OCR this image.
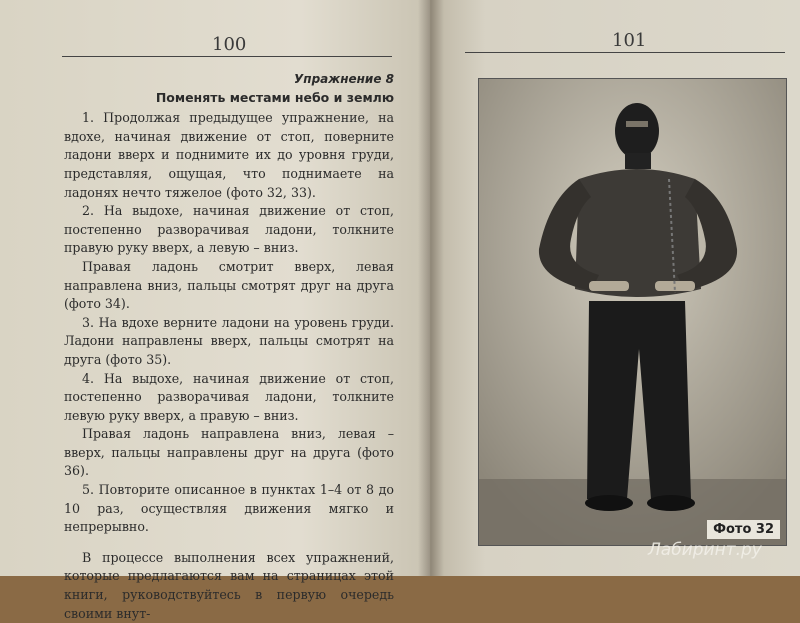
100
Упражнение 8
Поменять местами небо и землю

1. Продолжая предыдущее упражнение, на вдохе, начиная движение от стоп, поверните ладони вверх и поднимите их до уровня груди, представляя, ощущая, что поднимаете на ладонях нечто тяжелое (фото 32, 33).

2. На выдохе, начиная движение от стоп, постепенно разворачивая ладони, толкните правую руку вверх, а левую – вниз.

Правая ладонь смотрит вверх, левая направлена вниз, пальцы смотрят друг на друга (фото 34).

3. На вдохе верните ладони на уровень груди. Ладони направлены вверх, пальцы смотрят на друга (фото 35).

4. На выдохе, начиная движение от стоп, постепенно разворачивая ладони, толкните левую руку вверх, а правую – вниз.

Правая ладонь направлена вниз, левая – вверх, пальцы направлены друг на друга (фото 36).

5. Повторите описанное в пунктах 1–4 от 8 до 10 раз, осуществляя движения мягко и непрерывно.

В процессе выполнения всех упражнений, которые предлагаются вам на страницах этой книги, руководствуйтесь в первую очередь своими внут-

101
Фото 32
Лабиринт.ру
